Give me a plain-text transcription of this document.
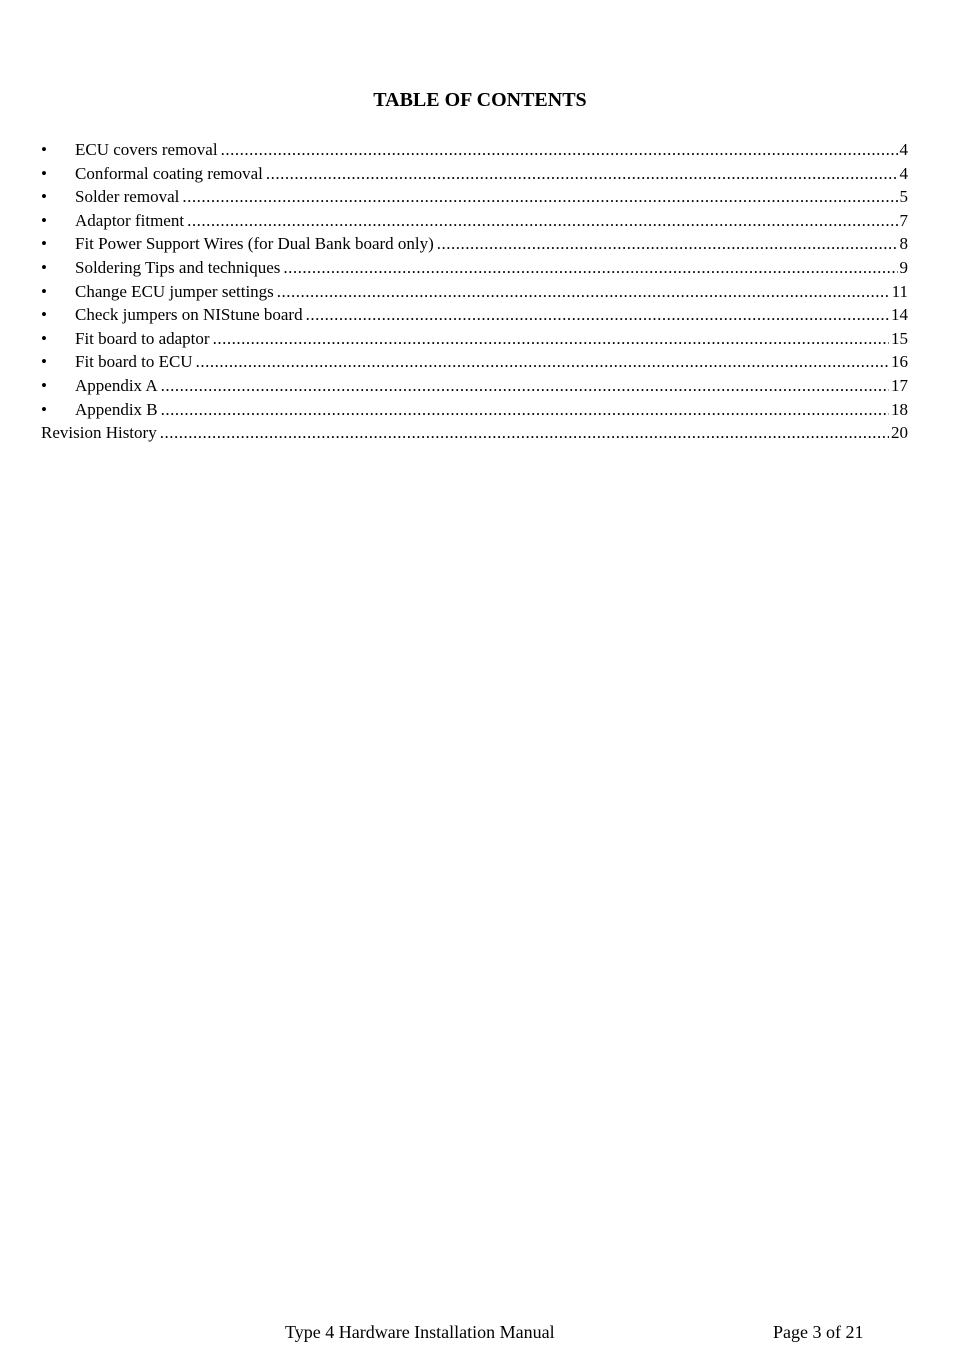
TABLE OF CONTENTS
•	ECU covers removal .....	4
•	Conformal coating removal .....	4
•	Solder removal .....	5
•	Adaptor fitment .....	7
•	Fit Power Support Wires (for Dual Bank board only) .....	8
•	Soldering Tips and techniques .....	9
•	Change ECU jumper settings .....	11
•	Check jumpers on NIStune board .....	14
•	Fit board to adaptor .....	15
•	Fit board to ECU .....	16
•	Appendix A .....	17
•	Appendix B .....	18
Revision History .....	20
Type 4 Hardware Installation Manual	Page 3 of 21
